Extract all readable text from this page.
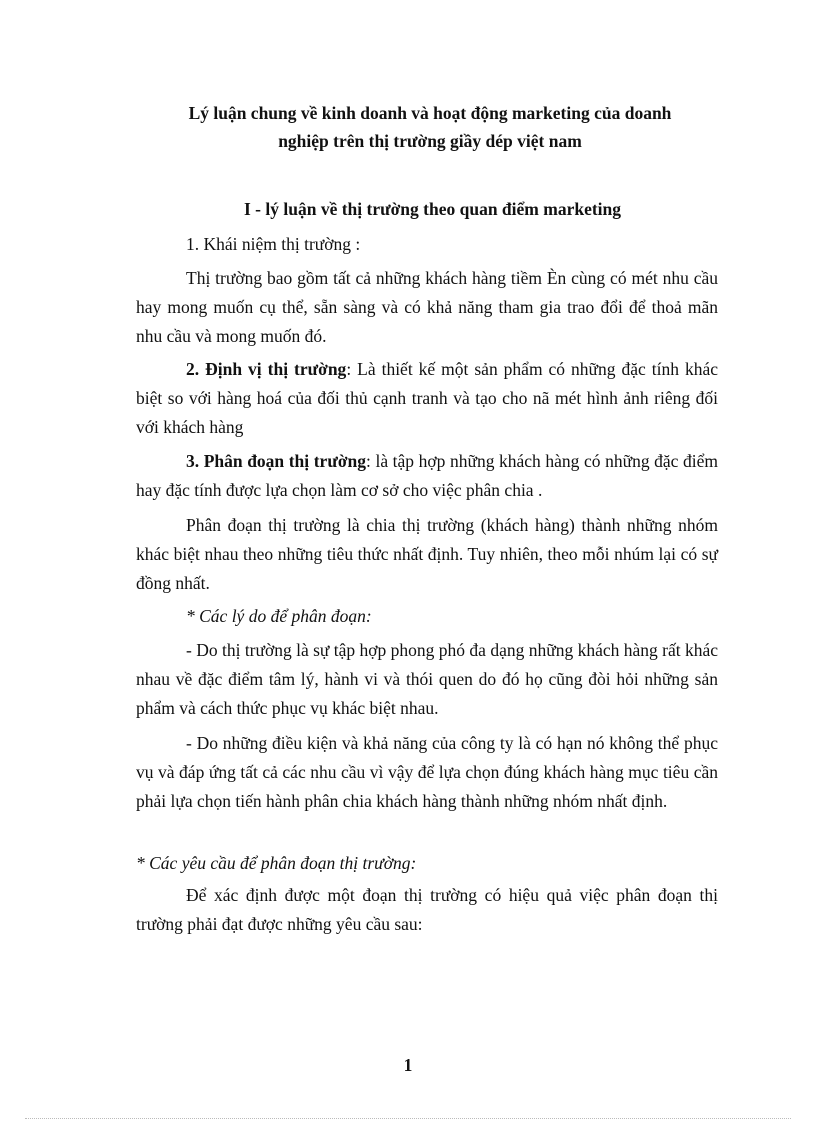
Lý luận chung về kinh doanh và hoạt động marketing của doanh
nghiệp trên thị trường giầy dép việt nam
I - lý luận về thị trường theo quan điểm marketing
1. Khái niệm thị trường :
Thị trường bao gồm tất cả những khách hàng tiềm Èn cùng có mét nhu cầu hay mong muốn cụ thể, sẵn sàng và có khả năng tham gia trao đổi để thoả mãn nhu cầu và mong muốn đó.
2. Định vị thị trường: Là thiết kế một sản phẩm có những đặc tính khác biệt so với hàng hoá của đối thủ cạnh tranh và tạo cho nã mét hình ảnh riêng đối với khách hàng
3. Phân đoạn thị trường: là tập hợp những khách hàng có những đặc điểm hay đặc tính được lựa chọn làm cơ sở cho việc phân chia .
Phân đoạn thị trường là chia thị trường (khách hàng) thành những nhóm khác biệt nhau theo những tiêu thức nhất định. Tuy nhiên, theo mỗi nhúm lại có sự đồng nhất.
* Các lý do để phân đoạn:
- Do thị trường là sự tập hợp phong phó đa dạng những khách hàng rất khác nhau về đặc điểm tâm lý, hành vi và thói quen do đó họ cũng đòi hỏi những sản phẩm và cách thức phục vụ khác biệt nhau.
- Do những điều kiện và khả năng của công ty là có hạn nó không thể phục vụ và đáp ứng tất cả các nhu cầu vì vậy để lựa chọn đúng khách hàng mục tiêu cần phải lựa chọn tiến hành phân chia khách hàng thành những nhóm nhất định.
* Các yêu cầu để phân đoạn thị trường:
Để xác định được một đoạn thị trường có hiệu quả việc phân đoạn thị trường phải đạt được những yêu cầu sau:
1
